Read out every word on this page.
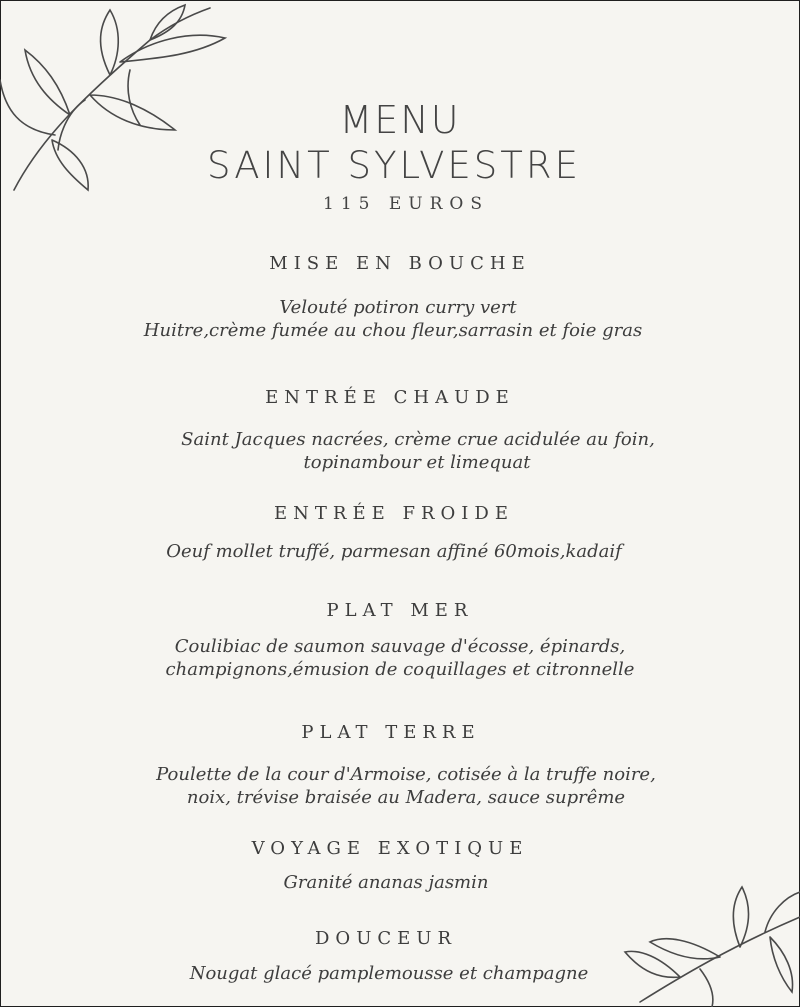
MENU
SAINT SYLVESTRE
115 EUROS

MISE EN BOUCHE

Velouté potiron curry vert

Huitre,crème fumée au chou fleur,sarrasin et foie gras

ENTRÉE CHAUDE

Saint Jacques nacrées, crème crue acidulée au foin,

topinambour et limequat

ENTRÉE FROIDE

Oeuf mollet truffé, parmesan affiné 60mois,kadaif

PLAT MER

Coulibiac de saumon sauvage d'écosse, épinards,

champignons,émusion de coquillages et citronnelle

PLAT TERRE

Poulette de la cour d'Armoise, cotisée à la truffe noire,

noix, trévise braisée au Madera, sauce suprême

VOYAGE EXOTIQUE

Granité ananas jasmin

DOUCEUR

Nougat glacé pamplemousse et champagne
